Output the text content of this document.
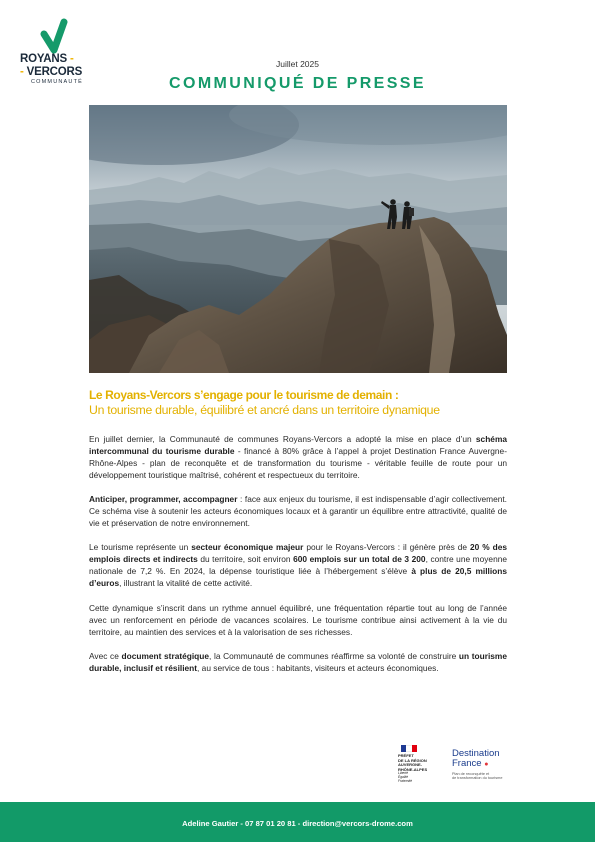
ROYANS -
- VERCORS
COMMUNAUTÉ
Juillet 2025
COMMUNIQUÉ DE PRESSE
Le Royans-Vercors s’engage pour le tourisme de demain :
Un tourisme durable, équilibré et ancré dans un territoire dynamique

En juillet dernier, la Communauté de communes Royans-Vercors a adopté la mise en place d’un schéma intercommunal du tourisme durable - financé à 80% grâce à l’appel à projet Destination France Auvergne-Rhône-Alpes - plan de reconquête et de transformation du tourisme - véritable feuille de route pour un développement touristique maîtrisé, cohérent et respectueux du territoire.

Anticiper, programmer, accompagner : face aux enjeux du tourisme, il est indispensable d’agir collectivement. Ce schéma vise à soutenir les acteurs économiques locaux et à garantir un équilibre entre attractivité, qualité de vie et préservation de notre environnement.

Le tourisme représente un secteur économique majeur pour le Royans-Vercors : il génère près de 20 % des emplois directs et indirects du territoire, soit environ 600 emplois sur un total de 3 200, contre une moyenne nationale de 7,2 %. En 2024, la dépense touristique liée à l’hébergement s’élève à plus de 20,5 millions d’euros, illustrant la vitalité de cette activité.

Cette dynamique s’inscrit dans un rythme annuel équilibré, une fréquentation répartie tout au long de l’année avec un renforcement en période de vacances scolaires. Le tourisme contribue ainsi activement à la vie du territoire, au maintien des services et à la valorisation de ses richesses.

Avec ce document stratégique, la Communauté de communes réaffirme sa volonté de construire un tourisme durable, inclusif et résilient, au service de tous : habitants, visiteurs et acteurs économiques.

PRÉFET
DE LA RÉGION
AUVERGNE-
RHÔNE-ALPES
Liberté
Égalité
Fraternité
Destination
France ●
Plan de reconquête et
de transformation du tourisme
Adeline Gautier - 07 87 01 20 81 - direction@vercors-drome.com
